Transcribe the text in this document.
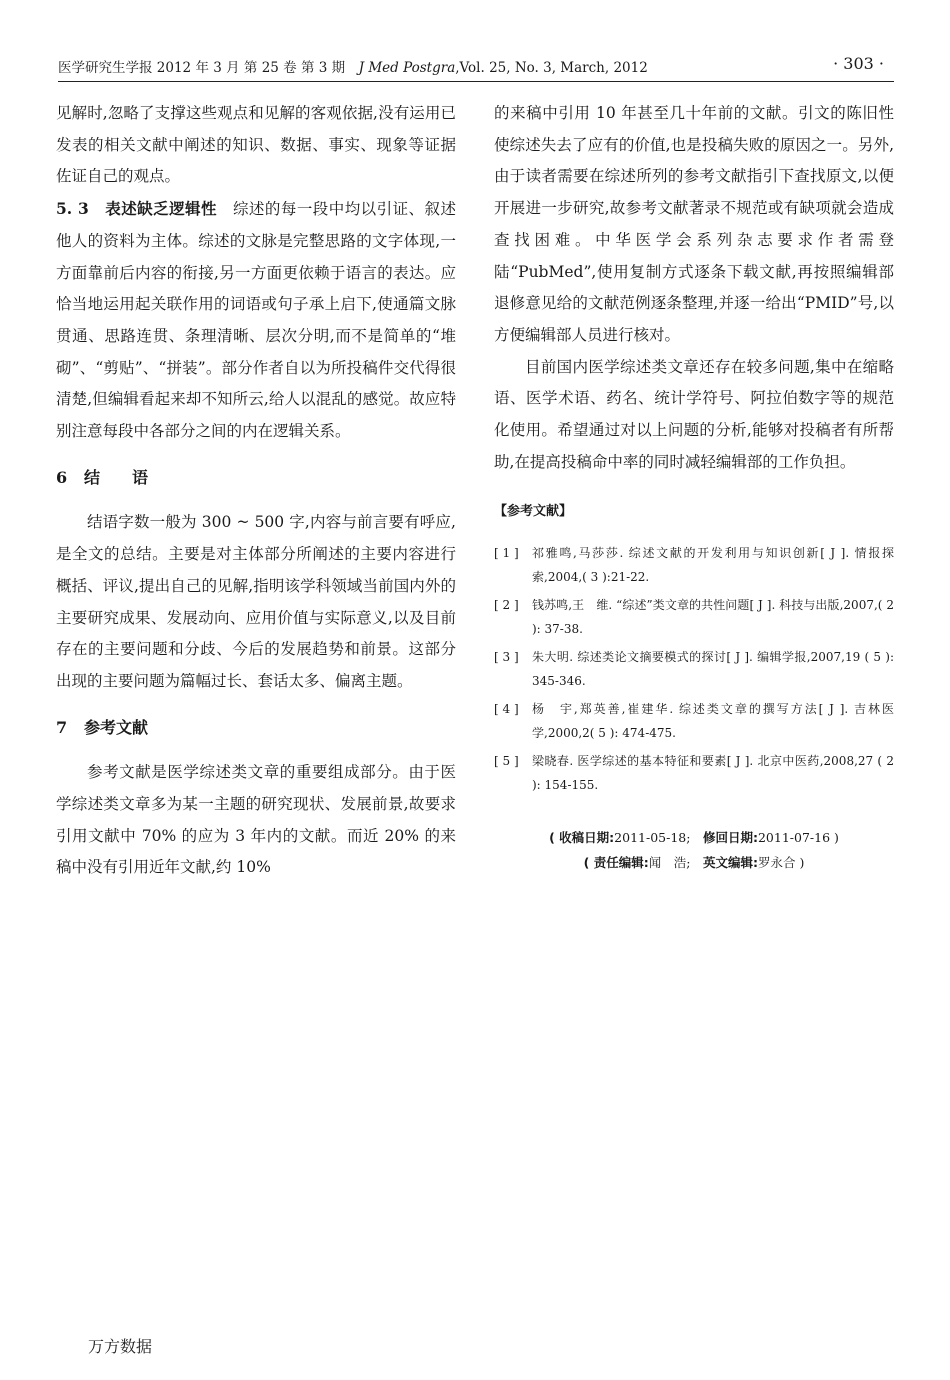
医学研究生学报 2012 年 3 月 第 25 卷 第 3 期　 J Med Postgra,Vol. 25, No. 3, March, 2012	· 303 ·

见解时,忽略了支撑这些观点和见解的客观依据,没有运用已发表的相关文献中阐述的知识、数据、事实、现象等证据佐证自己的观点。

5. 3　表述缺乏逻辑性　 综述的每一段中均以引证、叙述他人的资料为主体。综述的文脉是完整思路的文字体现,一方面靠前后内容的衔接,另一方面更依赖于语言的表达。应恰当地运用起关联作用的词语或句子承上启下,使通篇文脉贯通、思路连贯、条理清晰、层次分明,而不是简单的“堆砌”、“剪贴”、“拼装”。部分作者自以为所投稿件交代得很清楚,但编辑看起来却不知所云,给人以混乱的感觉。故应特别注意每段中各部分之间的内在逻辑关系。

6 结　　语

结语字数一般为 300 ~ 500 字,内容与前言要有呼应,是全文的总结。主要是对主体部分所阐述的主要内容进行概括、评议,提出自己的见解,指明该学科领域当前国内外的主要研究成果、发展动向、应用价值与实际意义,以及目前存在的主要问题和分歧、今后的发展趋势和前景。这部分出现的主要问题为篇幅过长、套话太多、偏离主题。

7 参考文献

参考文献是医学综述类文章的重要组成部分。由于医学综述类文章多为某一主题的研究现状、发展前景,故要求引用文献中 70% 的应为 3 年内的文献。而近 20% 的来稿中没有引用近年文献,约 10%

的来稿中引用 10 年甚至几十年前的文献。引文的陈旧性使综述失去了应有的价值,也是投稿失败的原因之一。另外,由于读者需要在综述所列的参考文献指引下查找原文,以便开展进一步研究,故参考文献著录不规范或有缺项就会造成查找困难。中华医学会系列杂志要求作者需登陆“PubMed”,使用复制方式逐条下载文献,再按照编辑部退修意见给的文献范例逐条整理,并逐一给出“PMID”号,以方便编辑部人员进行核对。

目前国内医学综述类文章还存在较多问题,集中在缩略语、医学术语、药名、统计学符号、阿拉伯数字等的规范化使用。希望通过对以上问题的分析,能够对投稿者有所帮助,在提高投稿命中率的同时减轻编辑部的工作负担。

【参考文献】
[ 1 ]	祁雅鸣,马莎莎. 综述文献的开发利用与知识创新[ J ]. 情报探索,2004,( 3 ):21-22.
[ 2 ]	钱苏鸣,王　维. “综述”类文章的共性问题[ J ]. 科技与出版,2007,( 2 ): 37-38.
[ 3 ]	朱大明. 综述类论文摘要模式的探讨[ J ]. 编辑学报,2007,19 ( 5 ): 345-346.
[ 4 ]	杨　宇,郑英善,崔建华. 综述类文章的撰写方法[ J ]. 吉林医学,2000,2( 5 ): 474-475.
[ 5 ]	梁晓春. 医学综述的基本特征和要素[ J ]. 北京中医药,2008,27 ( 2 ): 154-155.
( 收稿日期:2011-05-18;　 修回日期:2011-07-16 )
( 责任编辑:闻　浩;　 英文编辑:罗永合 )
万方数据
